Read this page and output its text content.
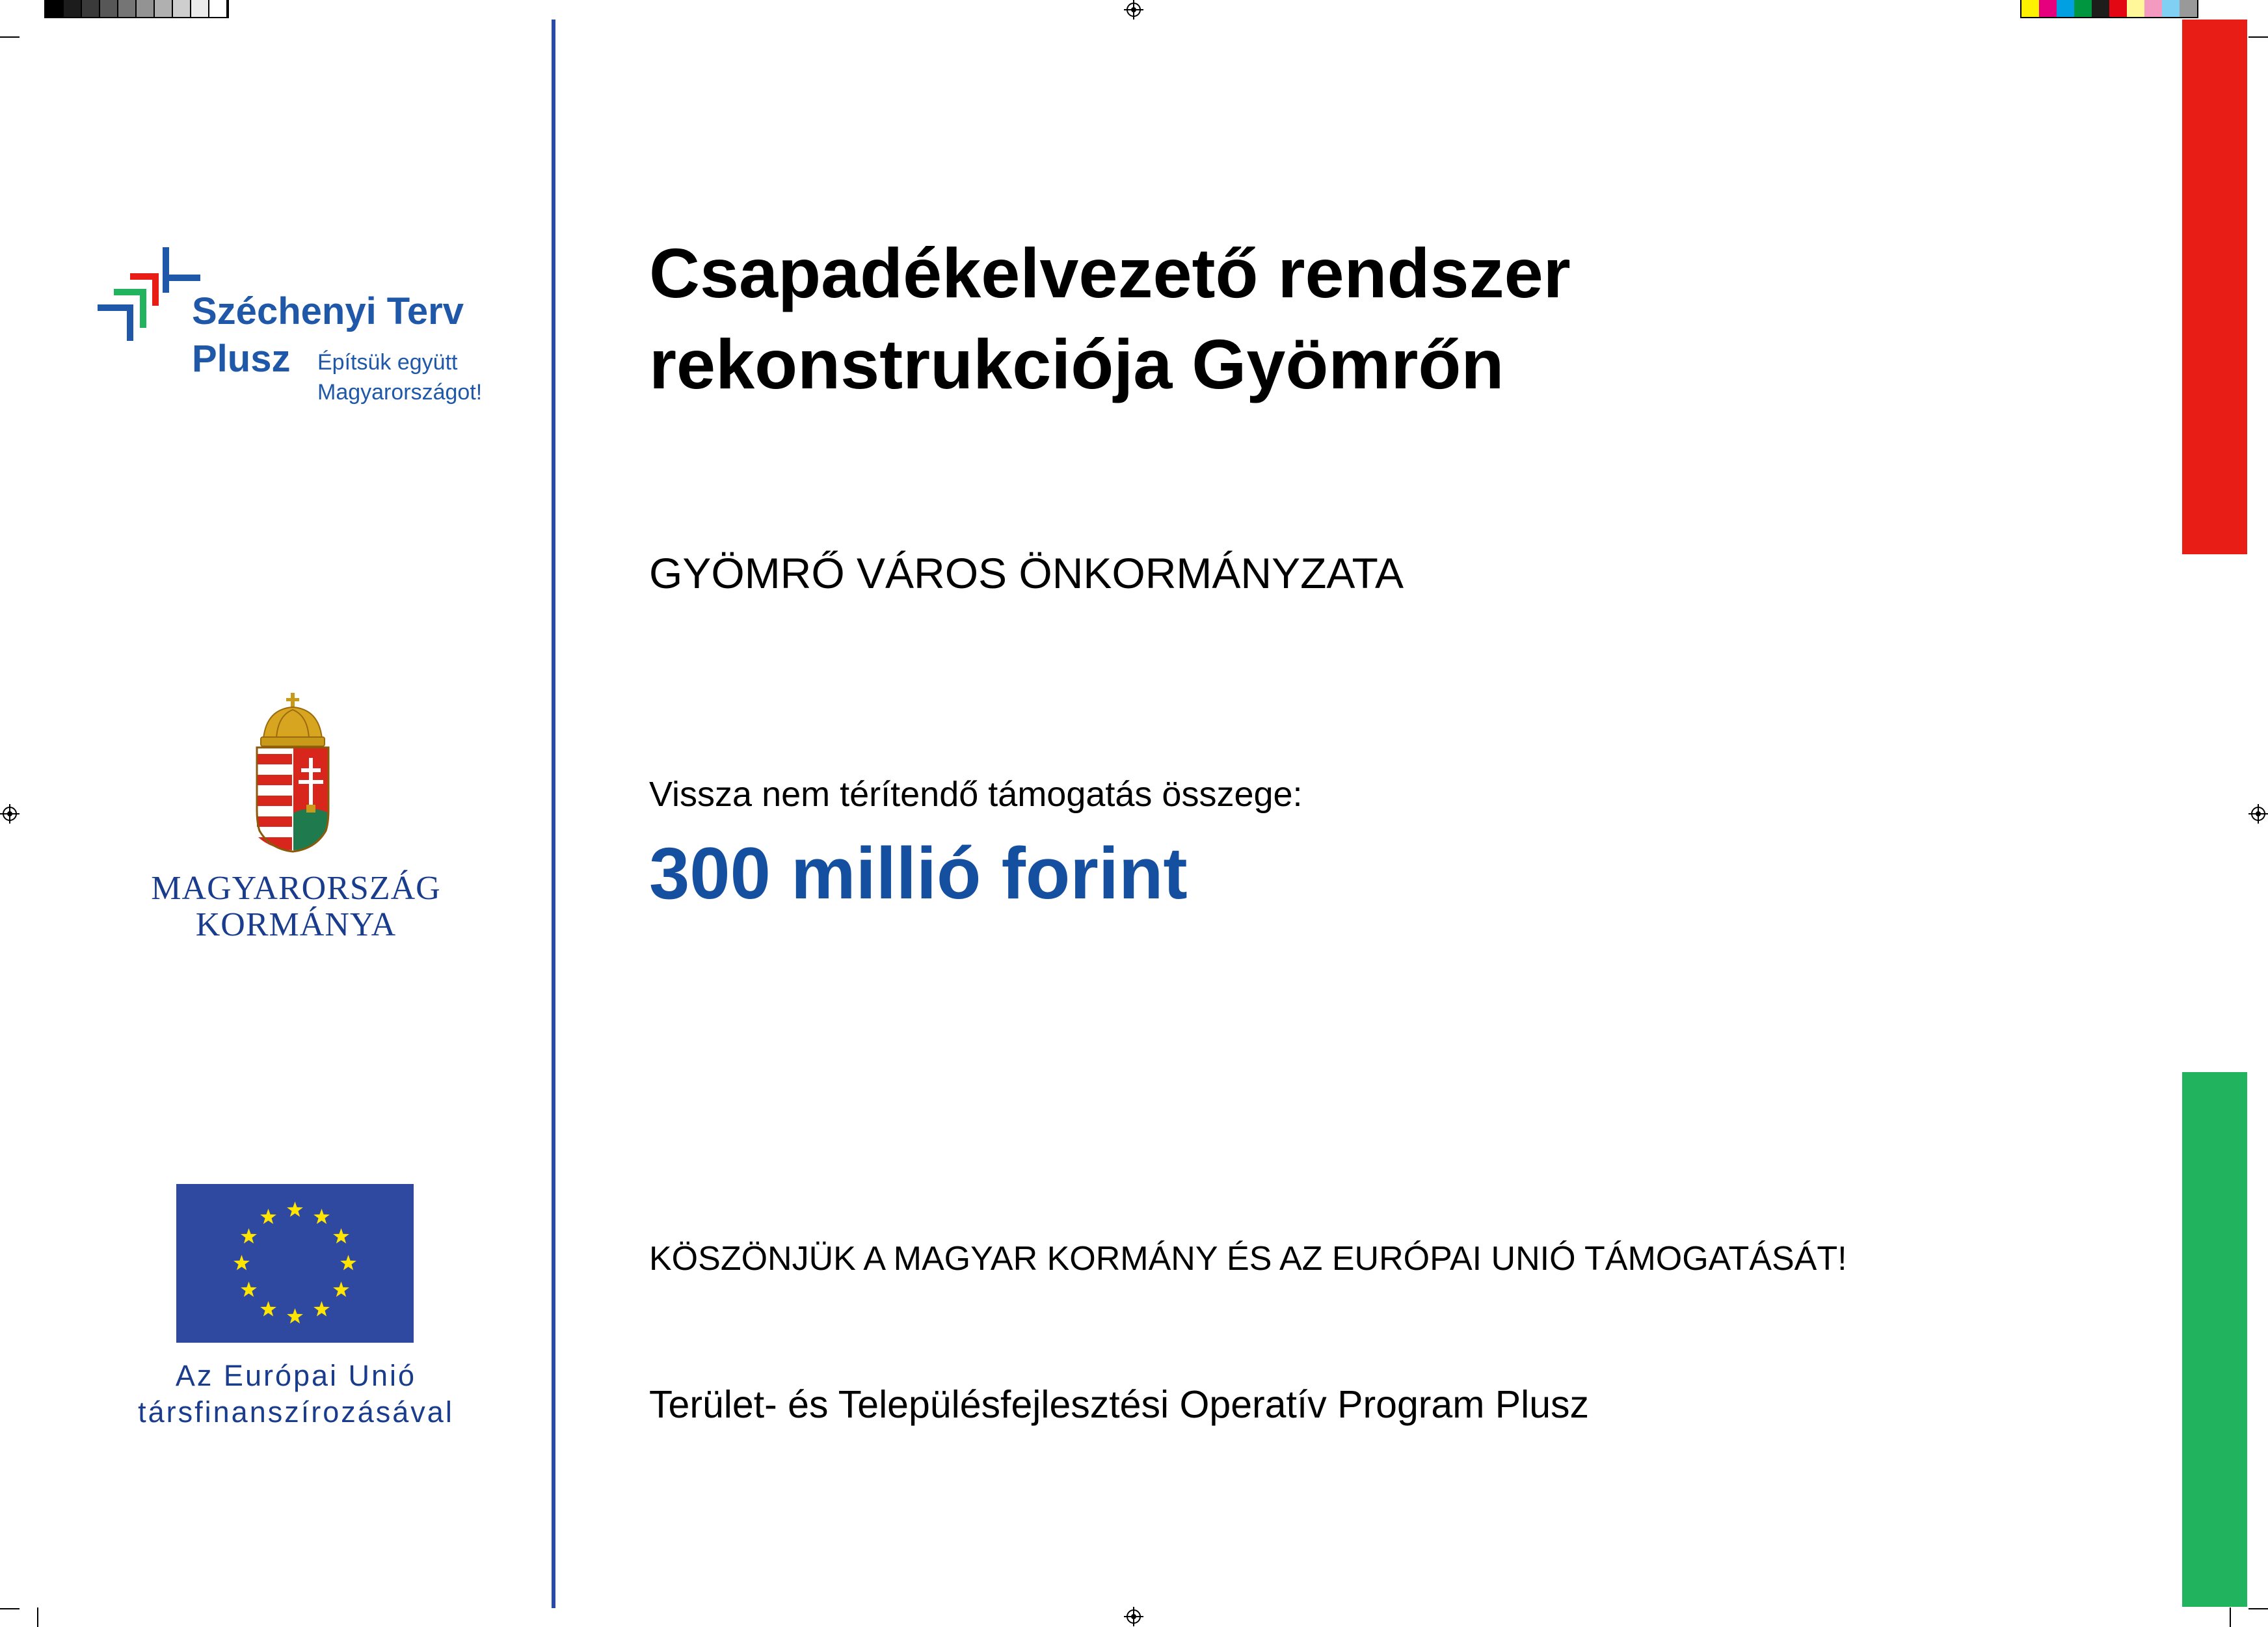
Széchenyi Terv
Plusz Építsük együtt
Magyarországot!
MAGYARORSZÁG
KORMÁNYA
Az Európai Unió
társfinanszírozásával
Csapadékelvezető rendszer
rekonstrukciója Gyömrőn
GYÖMRŐ VÁROS ÖNKORMÁNYZATA
Vissza nem térítendő támogatás összege:
300 millió forint
KÖSZÖNJÜK A MAGYAR KORMÁNY ÉS AZ EURÓPAI UNIÓ TÁMOGATÁSÁT!
Terület- és Településfejlesztési Operatív Program Plusz
